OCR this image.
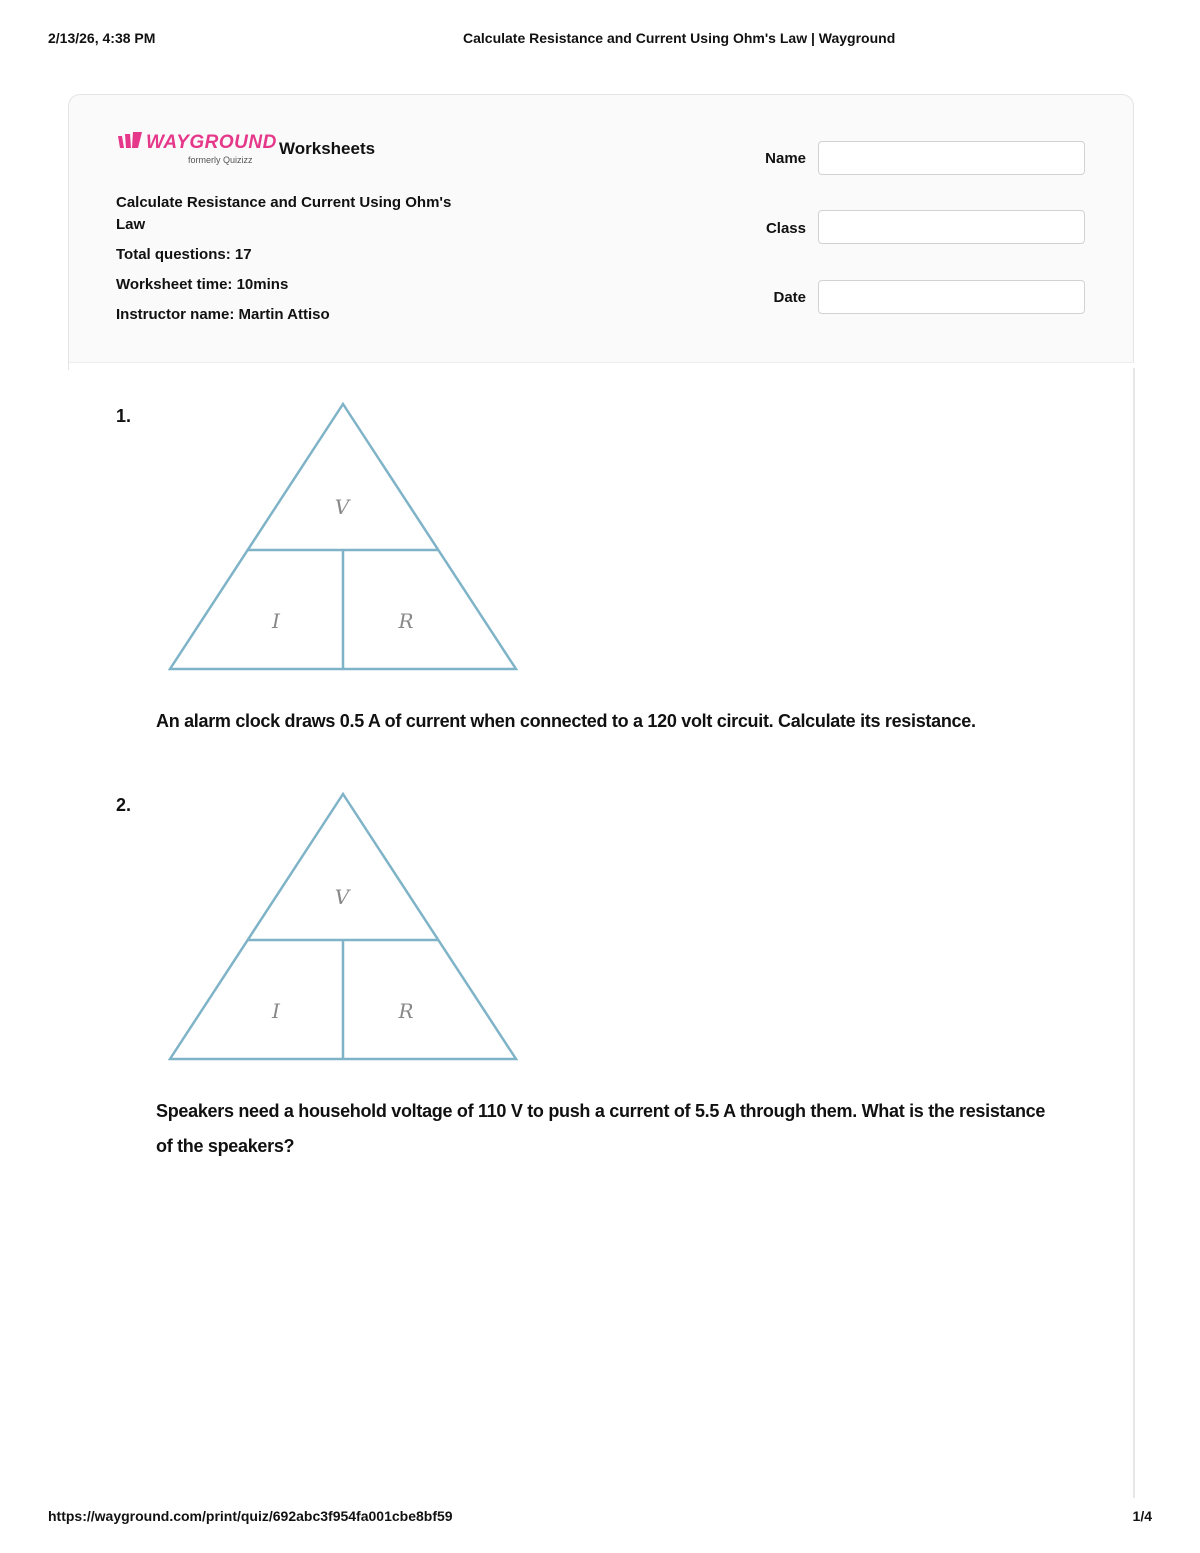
2/13/26, 4:38 PM	Calculate Resistance and Current Using Ohm's Law | Wayground
WAYGROUND
formerly Quizizz
Worksheets
Calculate Resistance and Current Using Ohm's Law
Total questions: 17
Worksheet time: 10mins
Instructor name: Martin Attiso
Name
Class
Date
1.
V
I	R
An alarm clock draws 0.5 A of current when connected to a 120 volt circuit. Calculate its resistance.
2.
V
I	R
Speakers need a household voltage of 110 V to push a current of 5.5 A through them. What is the resistance of the speakers?
https://wayground.com/print/quiz/692abc3f954fa001cbe8bf59	1/4
